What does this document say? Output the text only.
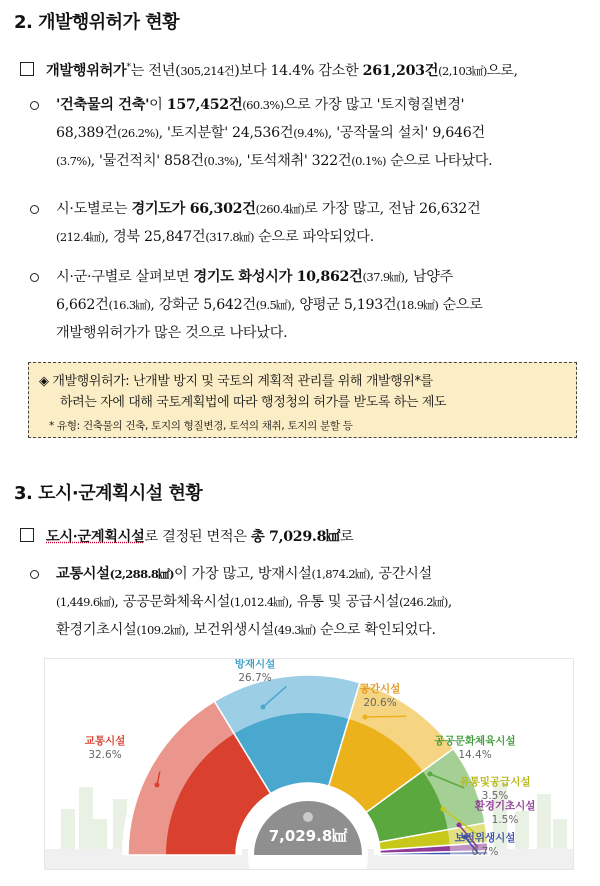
2. 개발행위허가 현황
개발행위허가*는 전년(305,214건)보다 14.4% 감소한 261,203건(2,103㎢)으로,
'건축물의 건축'이 157,452건(60.3%)으로 가장 많고 '토지형질변경'
68,389건(26.2%), '토지분할' 24,536건(9.4%), '공작물의 설치' 9,646건
(3.7%), '물건적치' 858건(0.3%), '토석채취' 322건(0.1%) 순으로 나타났다.
시·도별로는 경기도가 66,302건(260.4㎢)로 가장 많고, 전남 26,632건
(212.4㎢), 경북 25,847건(317.8㎢) 순으로 파악되었다.
시·군·구별로 살펴보면 경기도 화성시가 10,862건(37.9㎢), 남양주
6,662건(16.3㎢), 강화군 5,642건(9.5㎢), 양평군 5,193건(18.9㎢) 순으로
개발행위허가가 많은 것으로 나타났다.
◈ 개발행위허가: 난개발 방지 및 국토의 계획적 관리를 위해 개발행위*를
하려는 자에 대해 국토계획법에 따라 행정청의 허가를 받도록 하는 제도
* 유형: 건축물의 건축, 토지의 형질변경, 토석의 채취, 토지의 분할 등
3. 도시·군계획시설 현황
도시·군계획시설로 결정된 면적은 총 7,029.8㎢로
교통시설(2,288.8㎢)이 가장 많고, 방재시설(1,874.2㎢), 공간시설
(1,449.6㎢), 공공문화체육시설(1,012.4㎢), 유통 및 공급시설(246.2㎢),
환경기초시설(109.2㎢), 보건위생시설(49.3㎢) 순으로 확인되었다.
7,029.8㎢
교통시설
32.6%
방재시설
26.7%
공간시설
20.6%
공공문화체육시설
14.4%
유통및공급시설
3.5%
환경기초시설
1.5%
보건위생시설
0.7%
